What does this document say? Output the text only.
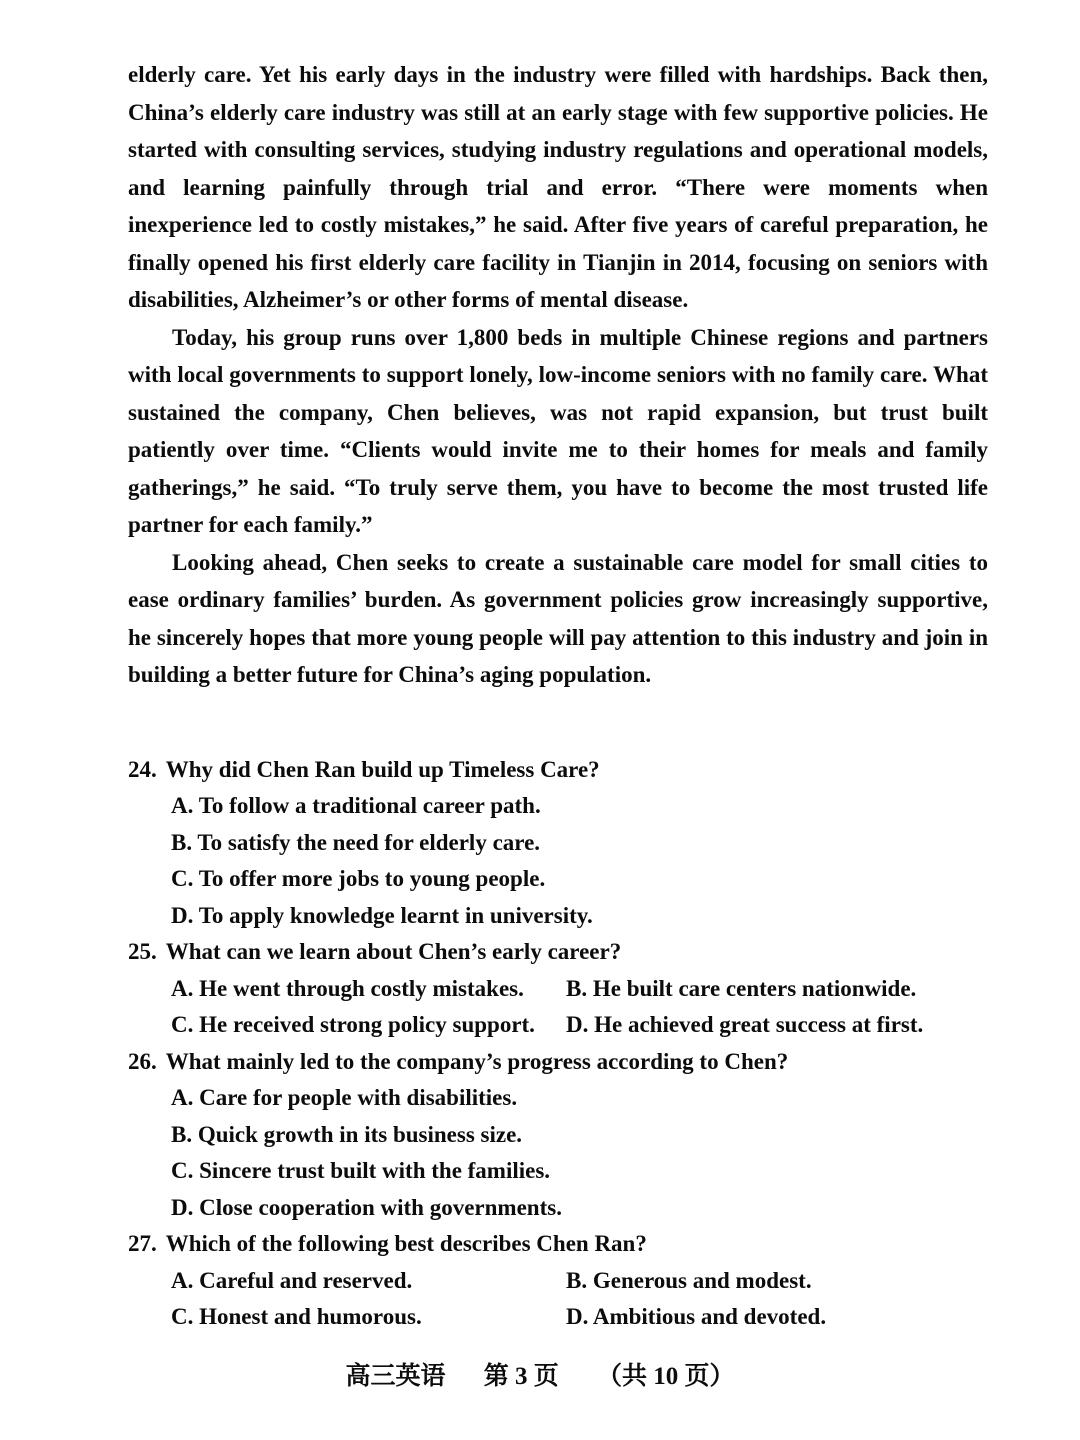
elderly care. Yet his early days in the industry were filled with hardships. Back then, China’s elderly care industry was still at an early stage with few supportive policies. He started with consulting services, studying industry regulations and operational models, and learning painfully through trial and error. “There were moments when inexperience led to costly mistakes,” he said. After five years of careful preparation, he finally opened his first elderly care facility in Tianjin in 2014, focusing on seniors with disabilities, Alzheimer’s or other forms of mental disease.

Today, his group runs over 1,800 beds in multiple Chinese regions and partners with local governments to support lonely, low-income seniors with no family care. What sustained the company, Chen believes, was not rapid expansion, but trust built patiently over time. “Clients would invite me to their homes for meals and family gatherings,” he said. “To truly serve them, you have to become the most trusted life partner for each family.”

Looking ahead, Chen seeks to create a sustainable care model for small cities to ease ordinary families’ burden. As government policies grow increasingly supportive, he sincerely hopes that more young people will pay attention to this industry and join in building a better future for China’s aging population.

24. Why did Chen Ran build up Timeless Care?
A. To follow a traditional career path.
B. To satisfy the need for elderly care.
C. To offer more jobs to young people.
D. To apply knowledge learnt in university.
25. What can we learn about Chen’s early career?
A. He went through costly mistakes.	B. He built care centers nationwide.
C. He received strong policy support.	D. He achieved great success at first.
26. What mainly led to the company’s progress according to Chen?
A. Care for people with disabilities.
B. Quick growth in its business size.
C. Sincere trust built with the families.
D. Close cooperation with governments.
27. Which of the following best describes Chen Ran?
A. Careful and reserved.	B. Generous and modest.
C. Honest and humorous.	D. Ambitious and devoted.
高三英语 第 3 页 （共 10 页）
